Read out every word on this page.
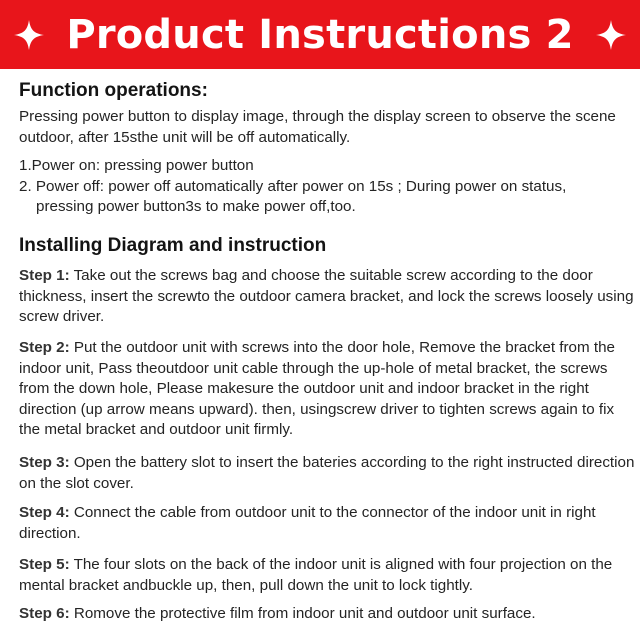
Product Instructions 2
Function operations:
Pressing power button to display image, through the display screen to observe the scene outdoor, after 15sthe unit will be off automatically.
1.Power on: pressing power button
2. Power off: power off automatically after power on 15s ; During power on status,
pressing power button3s to make power off,too.
Installing Diagram and instruction
Step 1: Take out the screws bag and choose the suitable screw according to the door thickness, insert the screwto the outdoor camera bracket, and lock the screws loosely using screw driver.
Step 2: Put the outdoor unit with screws into the door hole, Remove the bracket from the indoor unit, Pass theoutdoor unit cable through the up-hole of metal bracket, the screws from the down hole, Please makesure the outdoor unit and indoor bracket in the right direction (up arrow means upward). then, usingscrew driver to tighten screws again to fix the metal bracket and outdoor unit firmly.
Step 3: Open the battery slot to insert the bateries according to the right instructed direction on the slot cover.
Step 4: Connect the cable from outdoor unit to the connector of the indoor unit in right direction.
Step 5: The four slots on the back of the indoor unit is aligned with four projection on the mental bracket andbuckle up, then, pull down the unit to lock tightly.
Step 6: Romove the protective film from indoor unit and outdoor unit surface.
